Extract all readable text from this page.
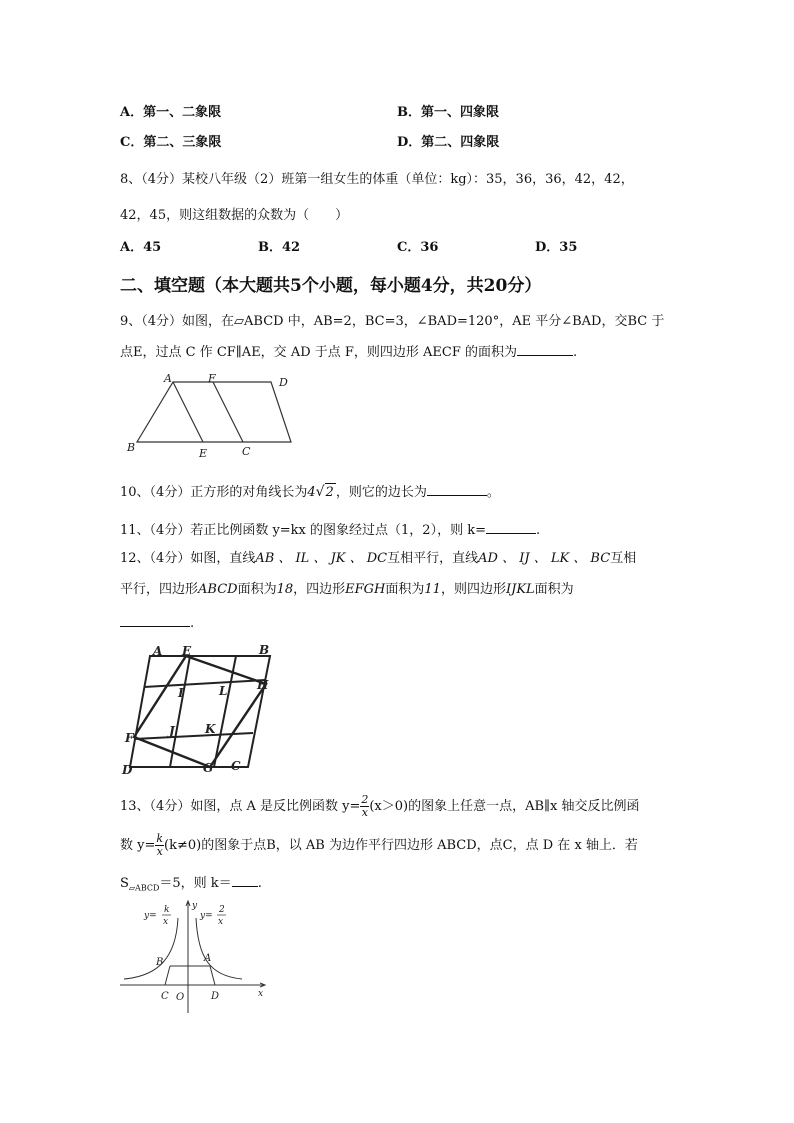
A．第一、二象限	B．第一、四象限
C．第二、三象限	D．第二、四象限
8、（4分）某校八年级（2）班第一组女生的体重（单位：kg）：35，36，36，42，42，
42，45，则这组数据的众数为（　　）
A．45	B．42	C．36	D．35
二、填空题（本大题共5个小题，每小题4分，共20分）
9、（4分）如图，在▱ABCD 中，AB=2，BC=3，∠BAD=120°，AE 平分∠BAD，交BC 于
点E，过点 C 作 CF∥AE，交 AD 于点 F，则四边形 AECF 的面积为	.
A	F	D
B	E	C
10、（4分）正方形的对角线长为4√2 ，则它的边长为	。
11、（4分）若正比例函数 y=kx 的图象经过点（1，2），则 k=	.
12、（4分）如图，直线AB 、 IL 、 JK 、 DC互相平行，直线AD 、 IJ 、 LK 、 BC互相
平行，四边形ABCD面积为18，四边形EFGH面积为11，则四边形IJKL面积为
.
A E	B
I	L H
J	K
F
D	G C
13、（4分）如图，点 A 是反比例函数 $y= \frac{2}{x} (x>0)$的图象上任意一点，AB∥x 轴交反比例函
数 $y= \frac{k}{x} (k\ne 0)$的图象于点B，以 AB 为边作平行四边形 ABCD，点C，点 D 在 x 轴上．若
$S_{▱ABCD}=5$，则 k＝ .
y=
k
x
y=
2
x
y
x
B	A
C O	D
